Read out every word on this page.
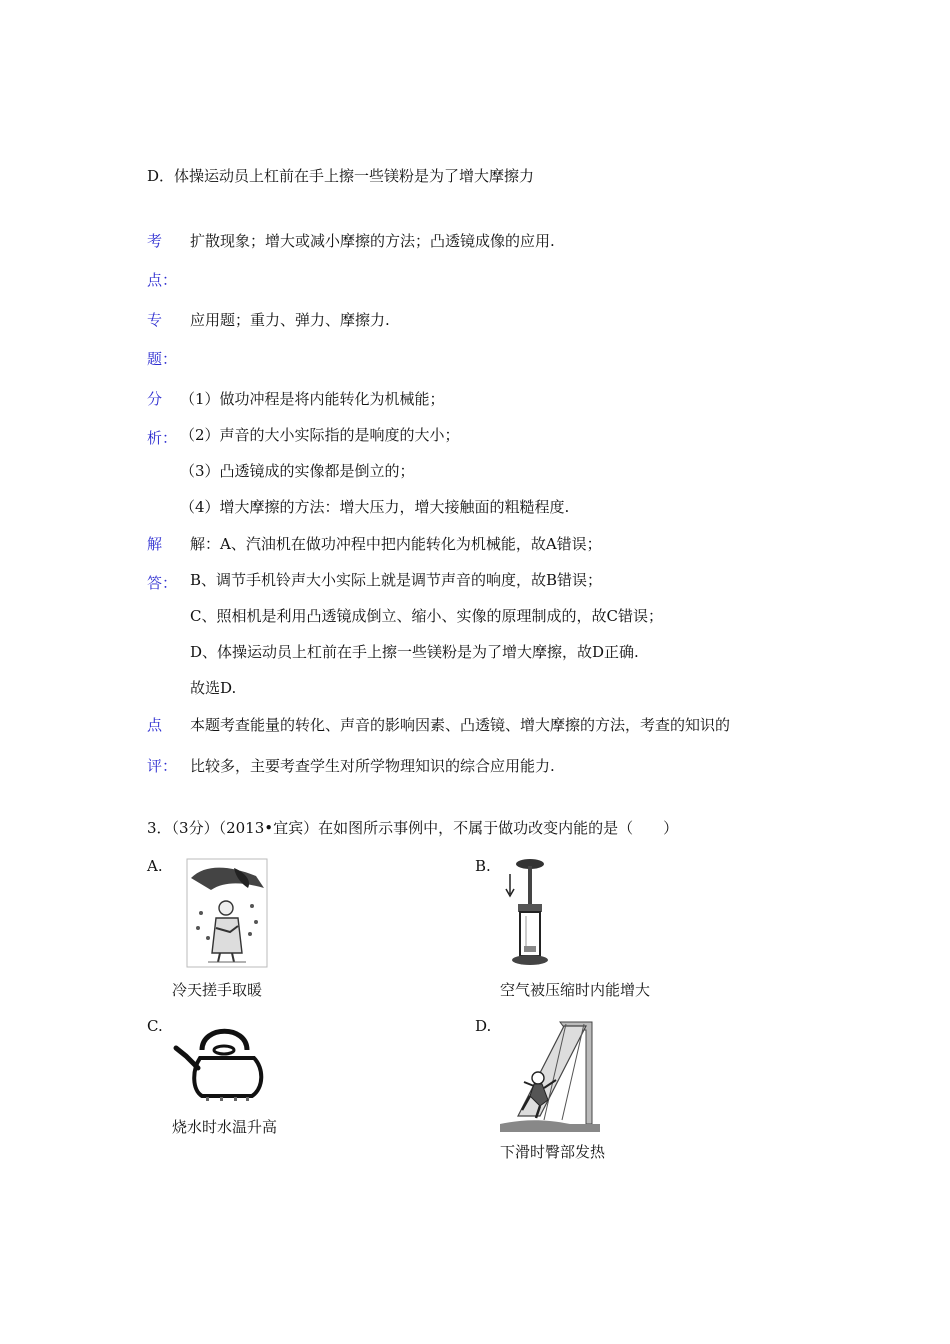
D．体操运动员上杠前在手上擦一些镁粉是为了增大摩擦力
考
点：
扩散现象；增大或减小摩擦的方法；凸透镜成像的应用.
专
题：
应用题；重力、弹力、摩擦力.
分
析：
（1）做功冲程是将内能转化为机械能；
（2）声音的大小实际指的是响度的大小；
（3）凸透镜成的实像都是倒立的；
（4）增大摩擦的方法：增大压力，增大接触面的粗糙程度.
解
答：
解：A、汽油机在做功冲程中把内能转化为机械能，故A错误；
B、调节手机铃声大小实际上就是调节声音的响度，故B错误；
C、照相机是利用凸透镜成倒立、缩小、实像的原理制成的，故C错误；
D、体操运动员上杠前在手上擦一些镁粉是为了增大摩擦，故D正确.
故选D.
点
评：
本题考查能量的转化、声音的影响因素、凸透镜、增大摩擦的方法，考查的知识的
比较多，主要考查学生对所学物理知识的综合应用能力.
3．（3分）（2013•宜宾）在如图所示事例中，不属于做功改变内能的是（　　）
A.
冷天搓手取暖
B.
空气被压缩时内能增大
C.
烧水时水温升高
D.
下滑时臀部发热
